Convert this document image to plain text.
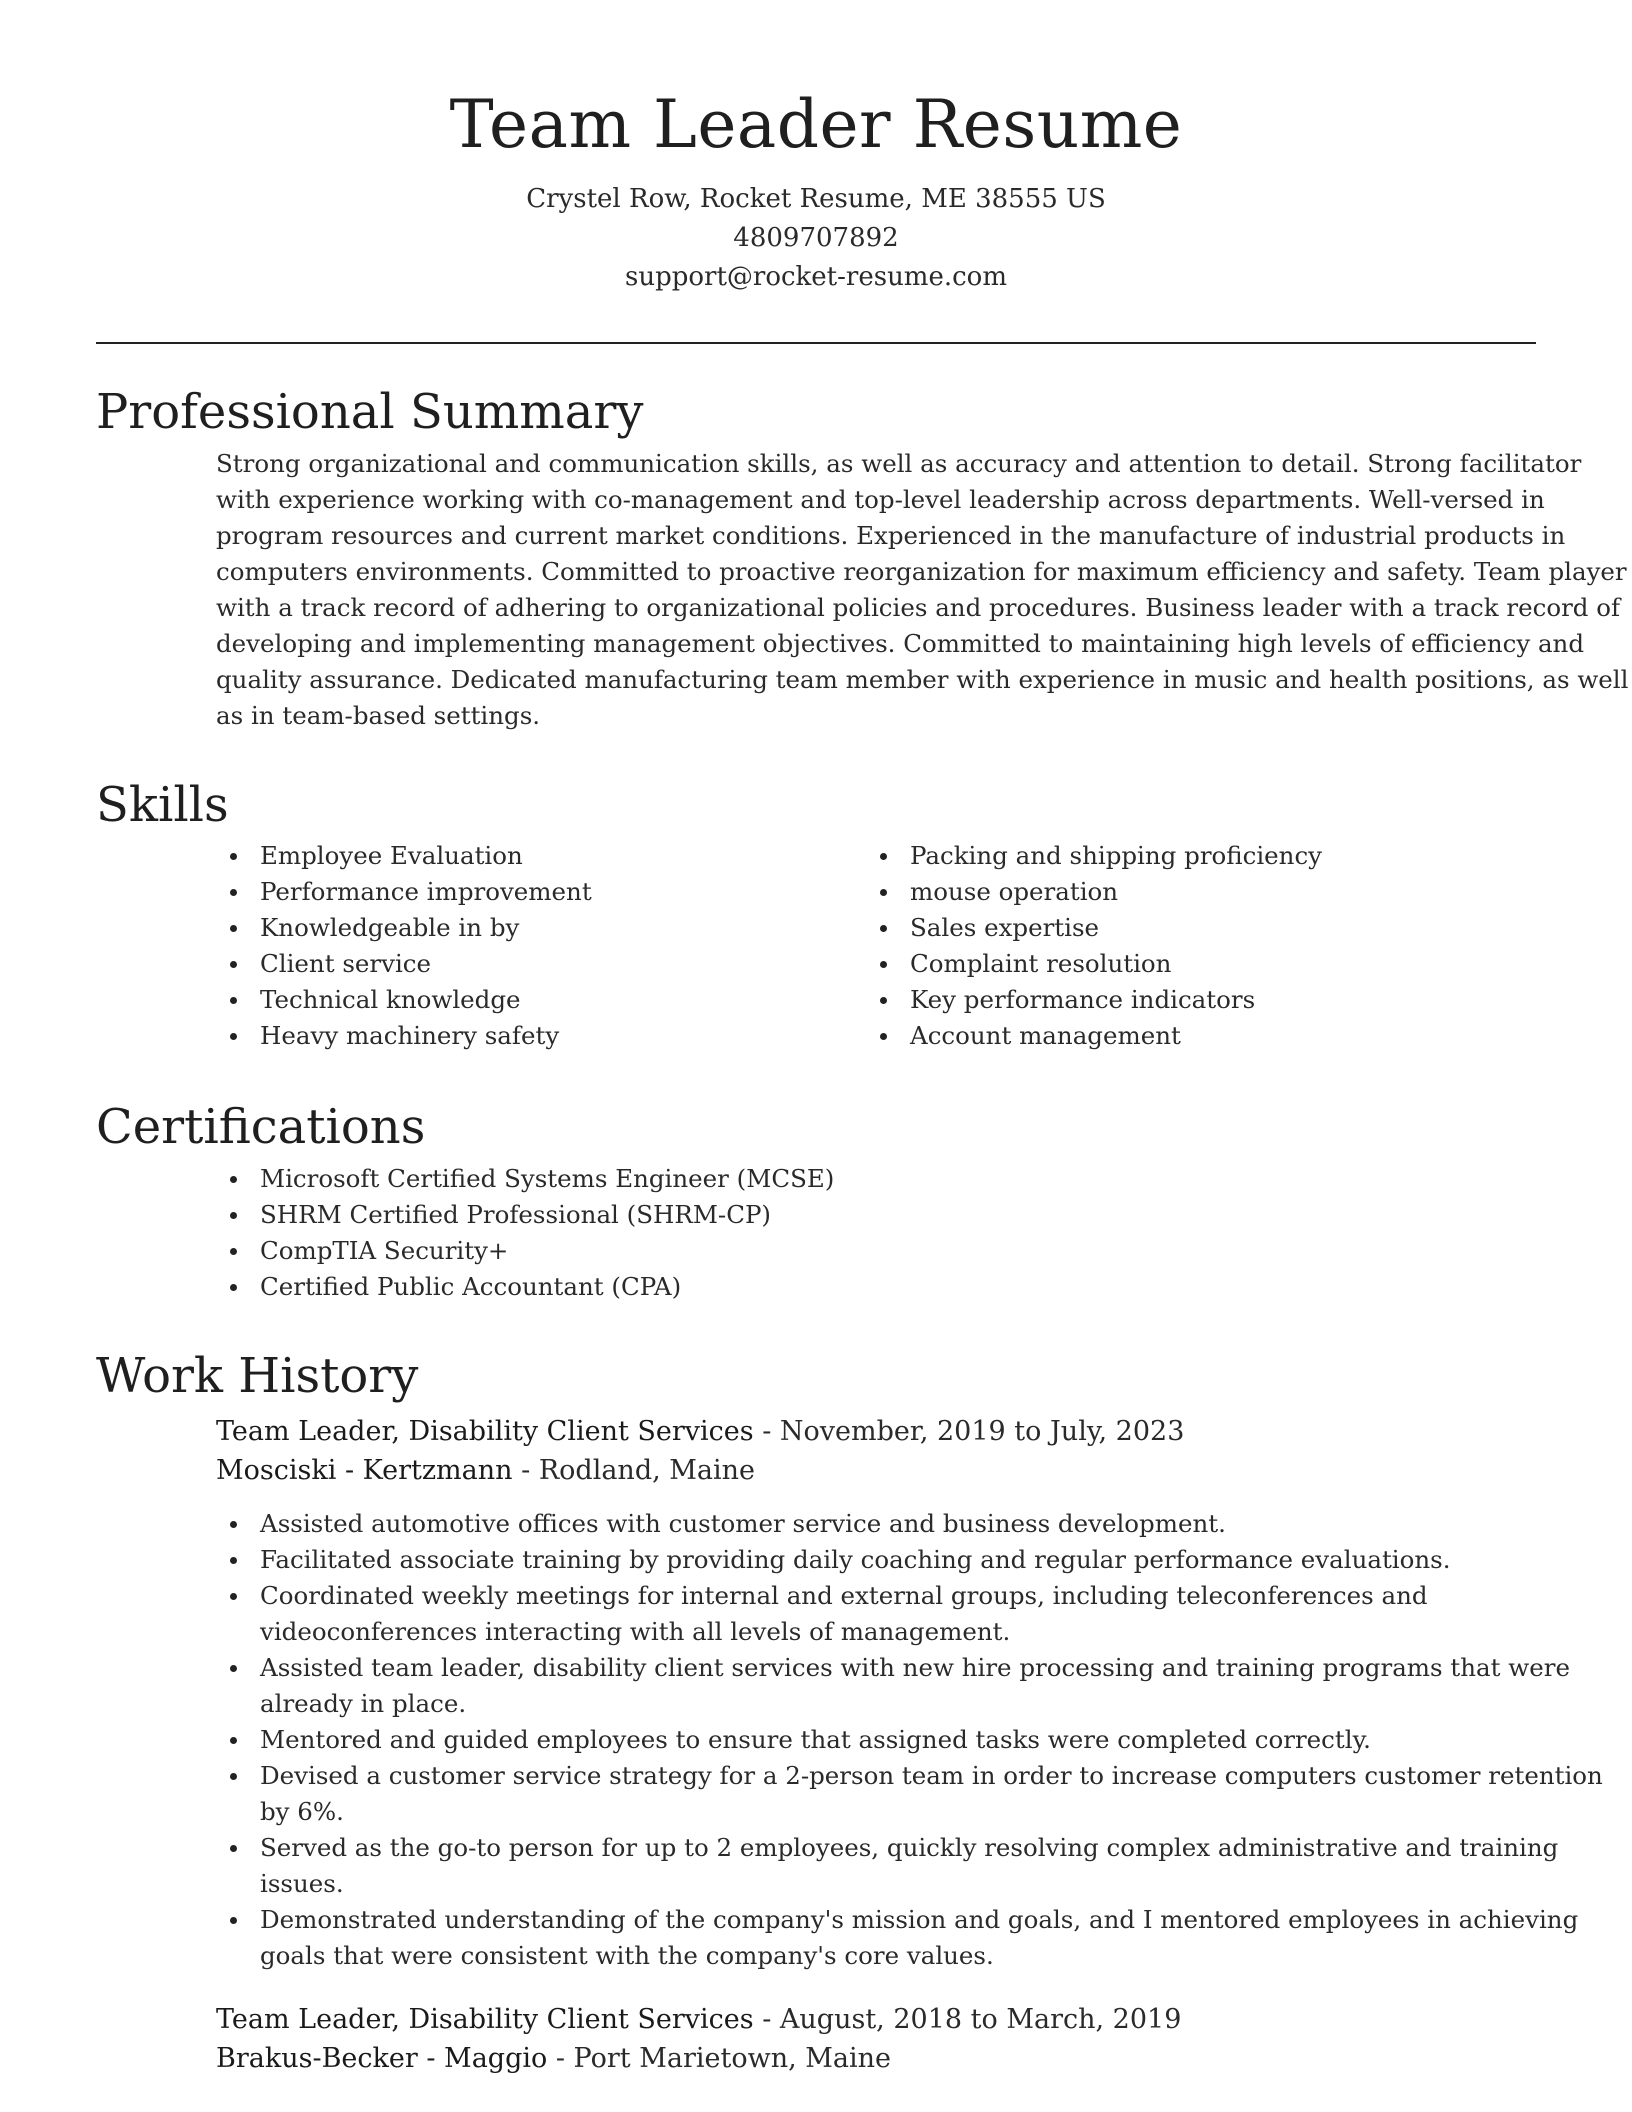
Team Leader Resume
Crystel Row, Rocket Resume, ME 38555 US
4809707892
support@rocket-resume.com
Professional Summary

Strong organizational and communication skills, as well as accuracy and attention to detail. Strong facilitator with experience working with co-management and top-level leadership across departments. Well-versed in program resources and current market conditions. Experienced in the manufacture of industrial products in computers environments. Committed to proactive reorganization for maximum efficiency and safety. Team player with a track record of adhering to organizational policies and procedures. Business leader with a track record of developing and implementing management objectives. Committed to maintaining high levels of efficiency and quality assurance. Dedicated manufacturing team member with experience in music and health positions, as well as in team-based settings.

Skills
Employee Evaluation
Performance improvement
Knowledgeable in by
Client service
Technical knowledge
Heavy machinery safety
Packing and shipping proficiency
mouse operation
Sales expertise
Complaint resolution
Key performance indicators
Account management
Certifications
Microsoft Certified Systems Engineer (MCSE)
SHRM Certified Professional (SHRM-CP)
CompTIA Security+
Certified Public Accountant (CPA)
Work History
Team Leader, Disability Client Services - November, 2019 to July, 2023
Mosciski - Kertzmann - Rodland, Maine
Assisted automotive offices with customer service and business development.
Facilitated associate training by providing daily coaching and regular performance evaluations.
Coordinated weekly meetings for internal and external groups, including teleconferences and videoconferences interacting with all levels of management.
Assisted team leader, disability client services with new hire processing and training programs that were already in place.
Mentored and guided employees to ensure that assigned tasks were completed correctly.
Devised a customer service strategy for a 2-person team in order to increase computers customer retention by 6%.
Served as the go-to person for up to 2 employees, quickly resolving complex administrative and training issues.
Demonstrated understanding of the company's mission and goals, and I mentored employees in achieving goals that were consistent with the company's core values.
Team Leader, Disability Client Services - August, 2018 to March, 2019
Brakus-Becker - Maggio - Port Marietown, Maine
